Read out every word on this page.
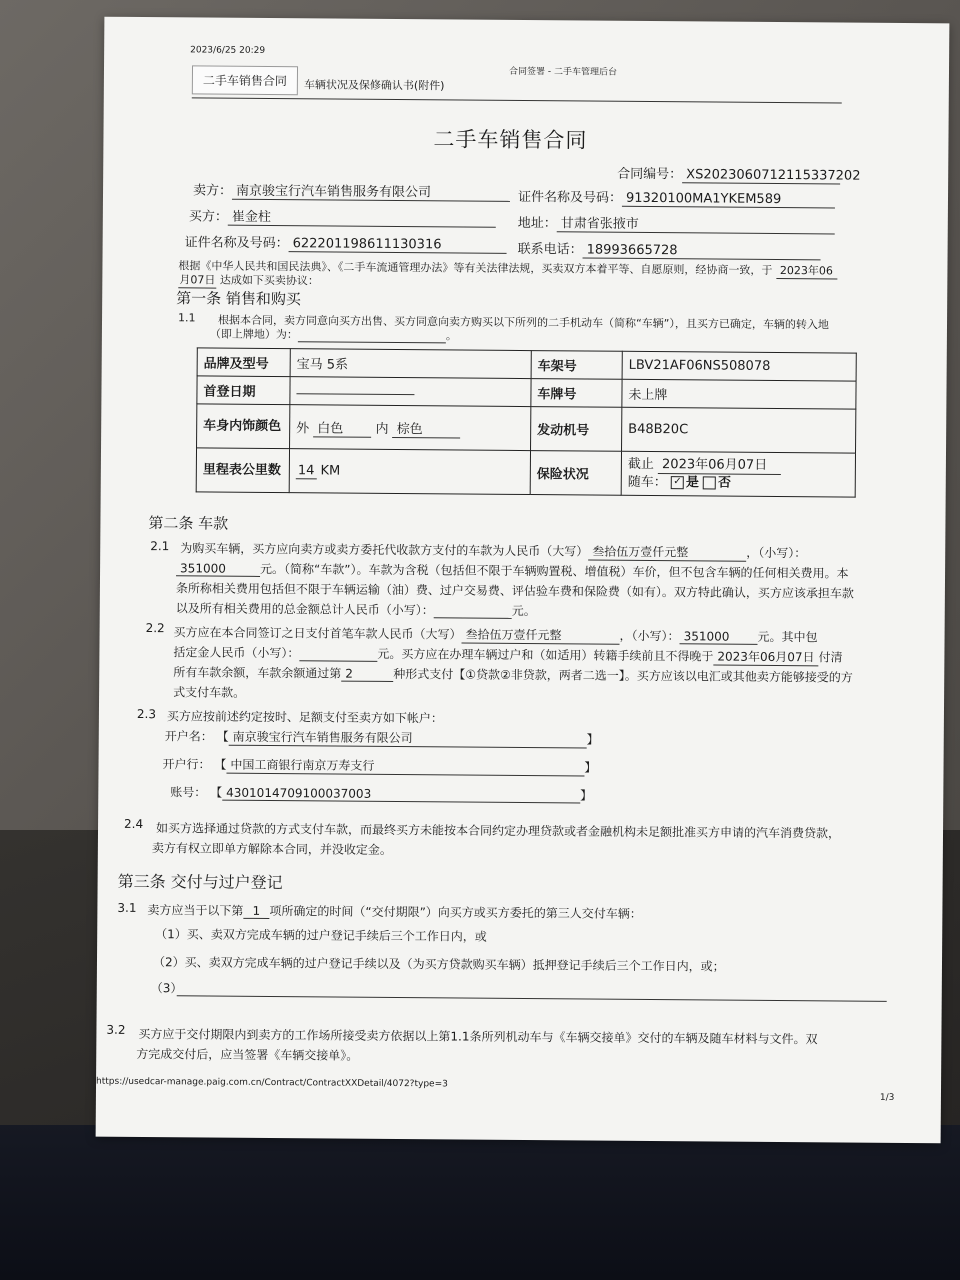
2023/6/25 20:29
合同签署 - 二手车管理后台
二手车销售合同	车辆状况及保修确认书(附件)
二手车销售合同
合同编号： XS2023060712115337202
卖方： 南京骏宝行汽车销售服务有限公司	证件名称及号码： 91320100MA1YKEM589
买方： 崔金柱	地址： 甘肃省张掖市
证件名称及号码： 622201198611130316	联系电话： 18993665728
根据《中华人民共和国民法典》、《二手车流通管理办法》等有关法律法规，买卖双方本着平等、自愿原则，经协商一致，于 2023年06
月07日 达成如下买卖协议：
第一条 销售和购买
1.1 根据本合同，卖方同意向买方出售、买方同意向卖方购买以下所列的二手机动车（简称“车辆”），且买方已确定，车辆的转入地
（即上牌地）为：	。
品牌及型号	宝马 5系	车架号	LBV21AF06NS508078
首登日期		车牌号	未上牌
车身内饰颜色	外 白色 内 棕色	发动机号	B48B20C
里程表公里数	14 KM	保险状况	截止 2023年06月07日
随车： ✓ 是 否
第二条 车款
2.1 为购买车辆，买方应向卖方或卖方委托代收款方支付的车款为人民币（大写） 叁拾伍万壹仟元整	，（小写）：
351000	元。（简称“车款”）。车款为含税（包括但不限于车辆购置税、增值税）车价，但不包含车辆的任何相关费用。本
条所称相关费用包括但不限于车辆运输（油）费、过户交易费、评估验车费和保险费（如有）。双方特此确认，买方应该承担车款
以及所有相关费用的总金额总计人民币（小写）：	元。
2.2 买方应在本合同签订之日支付首笔车款人民币（大写） 叁拾伍万壹仟元整	，（小写）： 351000 元。其中包
括定金人民币（小写）：	元。买方应在办理车辆过户和（如适用）转籍手续前且不得晚于 2023年06月07日 付清
所有车款余额，车款余额通过第 2	种形式支付【①贷款②非贷款，两者二选一】。买方应该以电汇或其他卖方能够接受的方
式支付车款。
2.3 买方应按前述约定按时、足额支付至卖方如下帐户：
开户名： 【 南京骏宝行汽车销售服务有限公司	】
开户行： 【 中国工商银行南京万寿支行	】
账号： 【 4301014709100037003	】
2.4 如买方选择通过贷款的方式支付车款，而最终买方未能按本合同约定办理贷款或者金融机构未足额批准买方申请的汽车消费贷款，
卖方有权立即单方解除本合同，并没收定金。
第三条 交付与过户登记
3.1 卖方应当于以下第 1 项所确定的时间（“交付期限”）向买方或买方委托的第三人交付车辆：
（1）买、卖双方完成车辆的过户登记手续后三个工作日内，或
（2）买、卖双方完成车辆的过户登记手续以及（为买方贷款购买车辆）抵押登记手续后三个工作日内，或；
（3）
3.2 买方应于交付期限内到卖方的工作场所接受卖方依据以上第1.1条所列机动车与《车辆交接单》交付的车辆及随车材料与文件。双
方完成交付后，应当签署《车辆交接单》。
https://usedcar-manage.paig.com.cn/Contract/ContractXXDetail/4072?type=3
1/3
